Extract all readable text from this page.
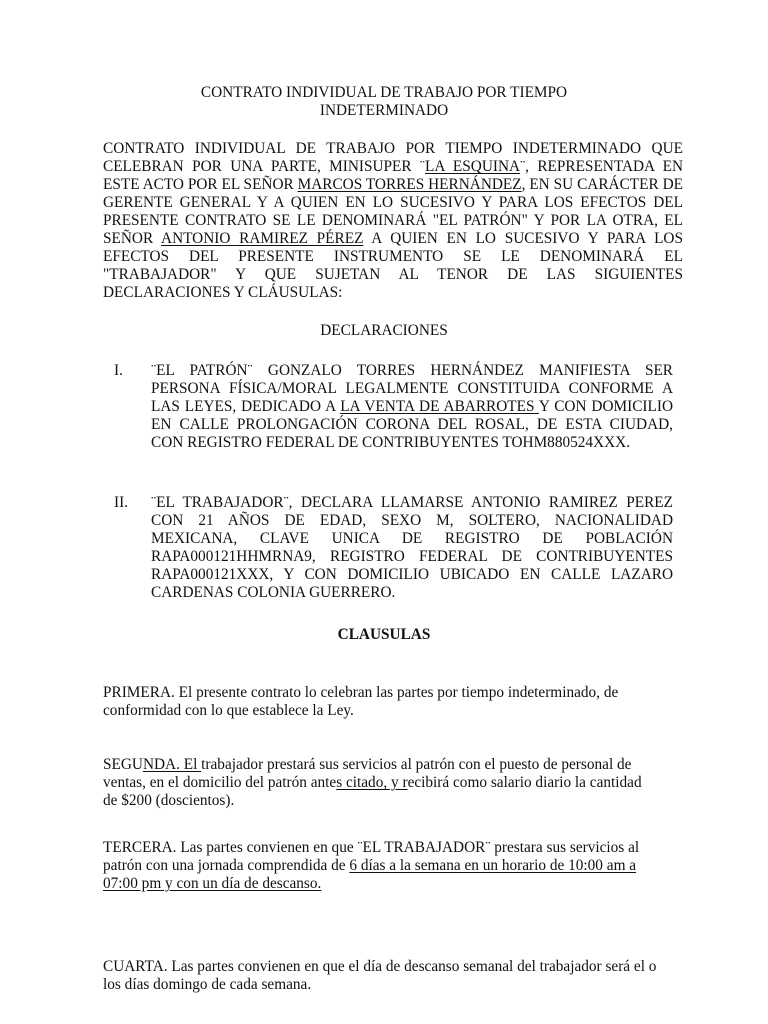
CONTRATO INDIVIDUAL DE TRABAJO POR TIEMPO
INDETERMINADO
CONTRATO INDIVIDUAL DE TRABAJO POR TIEMPO INDETERMINADO QUE CELEBRAN POR UNA PARTE, MINISUPER ¨LA ESQUINA¨, REPRESENTADA EN ESTE ACTO POR EL SEÑOR MARCOS TORRES HERNÁNDEZ, EN SU CARÁCTER DE GERENTE GENERAL Y A QUIEN EN LO SUCESIVO Y PARA LOS EFECTOS DEL PRESENTE CONTRATO SE LE DENOMINARÁ "EL PATRÓN" Y POR LA OTRA, EL SEÑOR ANTONIO RAMIREZ PÉREZ A QUIEN EN LO SUCESIVO Y PARA LOS EFECTOS DEL PRESENTE INSTRUMENTO SE LE DENOMINARÁ EL "TRABAJADOR" Y QUE SUJETAN AL TENOR DE LAS SIGUIENTES DECLARACIONES Y CLÁUSULAS:
DECLARACIONES
I. ¨EL PATRÓN¨ GONZALO TORRES HERNÁNDEZ MANIFIESTA SER PERSONA FÍSICA/MORAL LEGALMENTE CONSTITUIDA CONFORME A LAS LEYES, DEDICADO A LA VENTA DE ABARROTES Y CON DOMICILIO EN CALLE PROLONGACIÓN CORONA DEL ROSAL, DE ESTA CIUDAD, CON REGISTRO FEDERAL DE CONTRIBUYENTES TOHM880524XXX.
II. ¨EL TRABAJADOR¨, DECLARA LLAMARSE ANTONIO RAMIREZ PEREZ CON 21 AÑOS DE EDAD, SEXO M, SOLTERO, NACIONALIDAD MEXICANA, CLAVE UNICA DE REGISTRO DE POBLACIÓN RAPA000121HHMRNA9, REGISTRO FEDERAL DE CONTRIBUYENTES RAPA000121XXX, Y CON DOMICILIO UBICADO EN CALLE LAZARO CARDENAS COLONIA GUERRERO.
CLAUSULAS
PRIMERA. El presente contrato lo celebran las partes por tiempo indeterminado, de conformidad con lo que establece la Ley.
SEGUNDA. El trabajador prestará sus servicios al patrón con el puesto de personal de ventas, en el domicilio del patrón antes citado, y recibirá como salario diario la cantidad de $200 (doscientos).
TERCERA. Las partes convienen en que ¨EL TRABAJADOR¨ prestara sus servicios al patrón con una jornada comprendida de 6 días a la semana en un horario de 10:00 am a 07:00 pm y con un día de descanso.
CUARTA. Las partes convienen en que el día de descanso semanal del trabajador será el o los días domingo de cada semana.
